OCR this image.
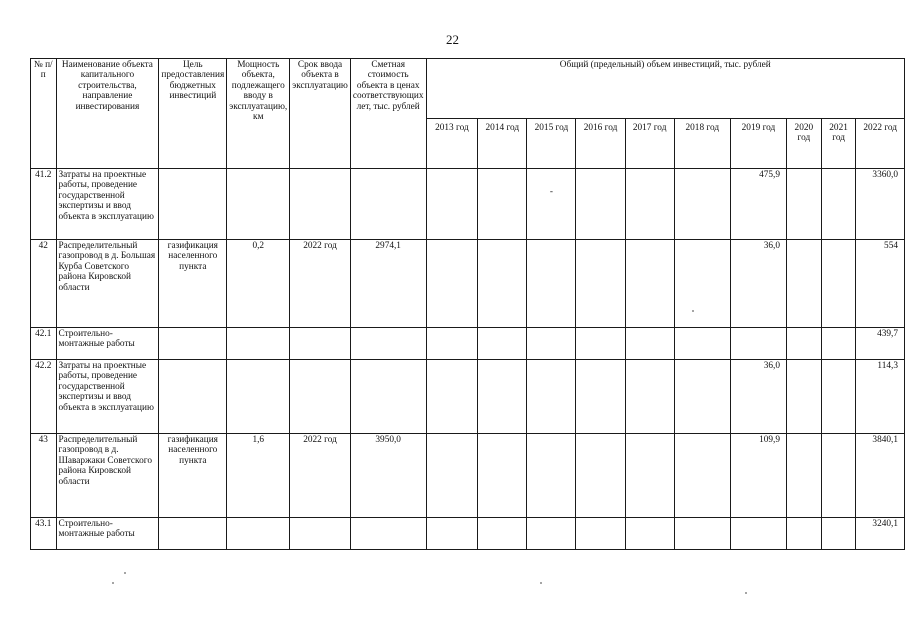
22
№ п/п	Наименование объекта капитального строительства, направление инвестирования	Цель предоставления бюджетных инвестиций	Мощность объекта, подлежащего вводу в эксплуатацию, км	Срок ввода объекта в эксплуатацию	Сметная стоимость объекта в ценах соответствующих лет, тыс. рублей	Общий (предельный) объем инвестиций, тыс. рублей									
						2013 год	2014 год	2015 год	2016 год	2017 год	2018 год	2019 год	2020 год	2021 год	2022 год
41.2	Затраты на проектные работы, проведение государственной экспертизы и ввод объекта в эксплуатацию							-				475,9			3360,0
42	Распределительный газопровод в д. Большая Курба Советского района Кировской области	газификация населенного пункта	0,2	2022 год	2974,1							36,0			554
42.1	Строительно-монтажные работы														439,7
42.2	Затраты на проектные работы, проведение государственной экспертизы и ввод объекта в эксплуатацию											36,0			114,3
43	Распределительный газопровод в д. Шаваржаки Советского района Кировской области	газификация населенного пункта	1,6	2022 год	3950,0							109,9			3840,1
43.1	Строительно-монтажные работы														3240,1
